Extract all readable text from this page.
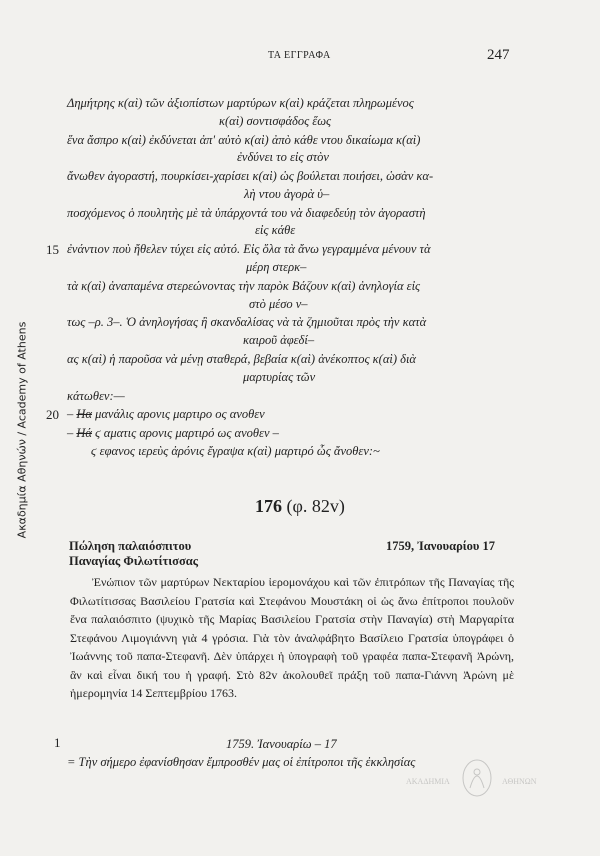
Ακαδημία Αθηνών / Academy of Athens
ΤΑ ΕΓΓΡΑΦΑ	247
Δημήτρης κ(αὶ) τῶν ἀξιοπίστων μαρτύρων κ(αὶ) κράζεται πληρωμένος
κ(αὶ) σοντισφάδος ἕως
ἕνα ἄσπρο κ(αὶ) ἐκδύνεται ἀπ' αὐτὸ κ(αὶ) ἀπὸ κάθε ντου δικαίωμα κ(αὶ)
ἐνδύνει το εἰς στὸν
ἄνωθεν ἀγοραστή, πουρκίσει-χαρίσει κ(αὶ) ὡς βούλεται ποιήσει, ὡσὰν κα-
λὴ ντου ἀγορὰ ὑ–
ποσχόμενος ὁ πουλητὴς μὲ τὰ ὑπάρχοντά του νὰ διαφεδεύῃ τὸν ἀγοραστὴ
εἰς κάθε
ἐνάντιον ποὺ ἤθελεν τύχει εἰς αὐτό. Εἰς ὅλα τὰ ἄνω γεγραμμένα μένουν τὰ
μέρη στερκ–
τὰ κ(αὶ) ἀναπαμένα στερεώνοντας τὴν παρὸκ Βάζουν κ(αὶ) ἀνηλογία εἰς
στὸ μέσο ν–
τως –ρ. 3–. Ὁ ἀνηλογήσας ἢ σκανδαλίσας νὰ τὰ ζημιοῦται πρὸς τὴν κατὰ
καιροῦ ἀφεδί–
ας κ(αὶ) ἡ παροῦσα νὰ μένῃ σταθερά, βεβαία κ(αὶ) ἀνέκοπτος κ(αὶ) διὰ
μαρτυρίας τῶν
κάτωθεν:—
– Ηα μανάλις αρονις μαρτιρο ος ανοθεν
– Ηά ϛ αματις αρονις μαρτιρό ως ανοθεν –
ϛ εφανος ιερεὺς ἀρόνις ἔγραψα κ(αὶ) μαρτιρό ὧς ἄνοθεν:~
15
20
1
176 (φ. 82v)
Πώληση παλαιόσπιτου
Παναγίας Φιλωτίτισσας
1759, Ἰανουαρίου 17

Ἐνώπιον τῶν μαρτύρων Νεκταρίου ἱερομονάχου καὶ τῶν ἐπιτρόπων τῆς Παναγίας τῆς Φιλωτίτισσας Βασιλείου Γρατσία καὶ Στεφάνου Μουστάκη οἱ ὡς ἄνω ἐπίτροποι πουλοῦν ἕνα παλαιόσπιτο (ψυχικὸ τῆς Μαρίας Βασιλείου Γρατσία στὴν Παναγία) στὴ Μαργαρίτα Στεφάνου Λιμογιάννη γιὰ 4 γρόσια. Γιὰ τὸν ἀναλφάβητο Βασίλειο Γρατσία ὑπογράφει ὁ Ἰωάννης τοῦ παπα-Στεφανῆ. Δὲν ὑπάρχει ἡ ὑπογραφὴ τοῦ γραφέα παπα-Στεφανῆ Ἀρώνη, ἂν καὶ εἶναι δική του ἡ γραφή. Στὸ 82v ἀκολουθεῖ πράξη τοῦ παπα-Γιάννη Ἀρώνη μὲ ἡμερομηνία 14 Σεπτεμβρίου 1763.

1759. Ἰανουαρίω – 17
= Τὴν σήμερο ἐφανίσθησαν ἔμπροσθέν μας οἱ ἐπίτροποι τῆς ἐκκλησίας
ΑΚΑΔΗΜΙΑ	ΑΘΗΝΩΝ
